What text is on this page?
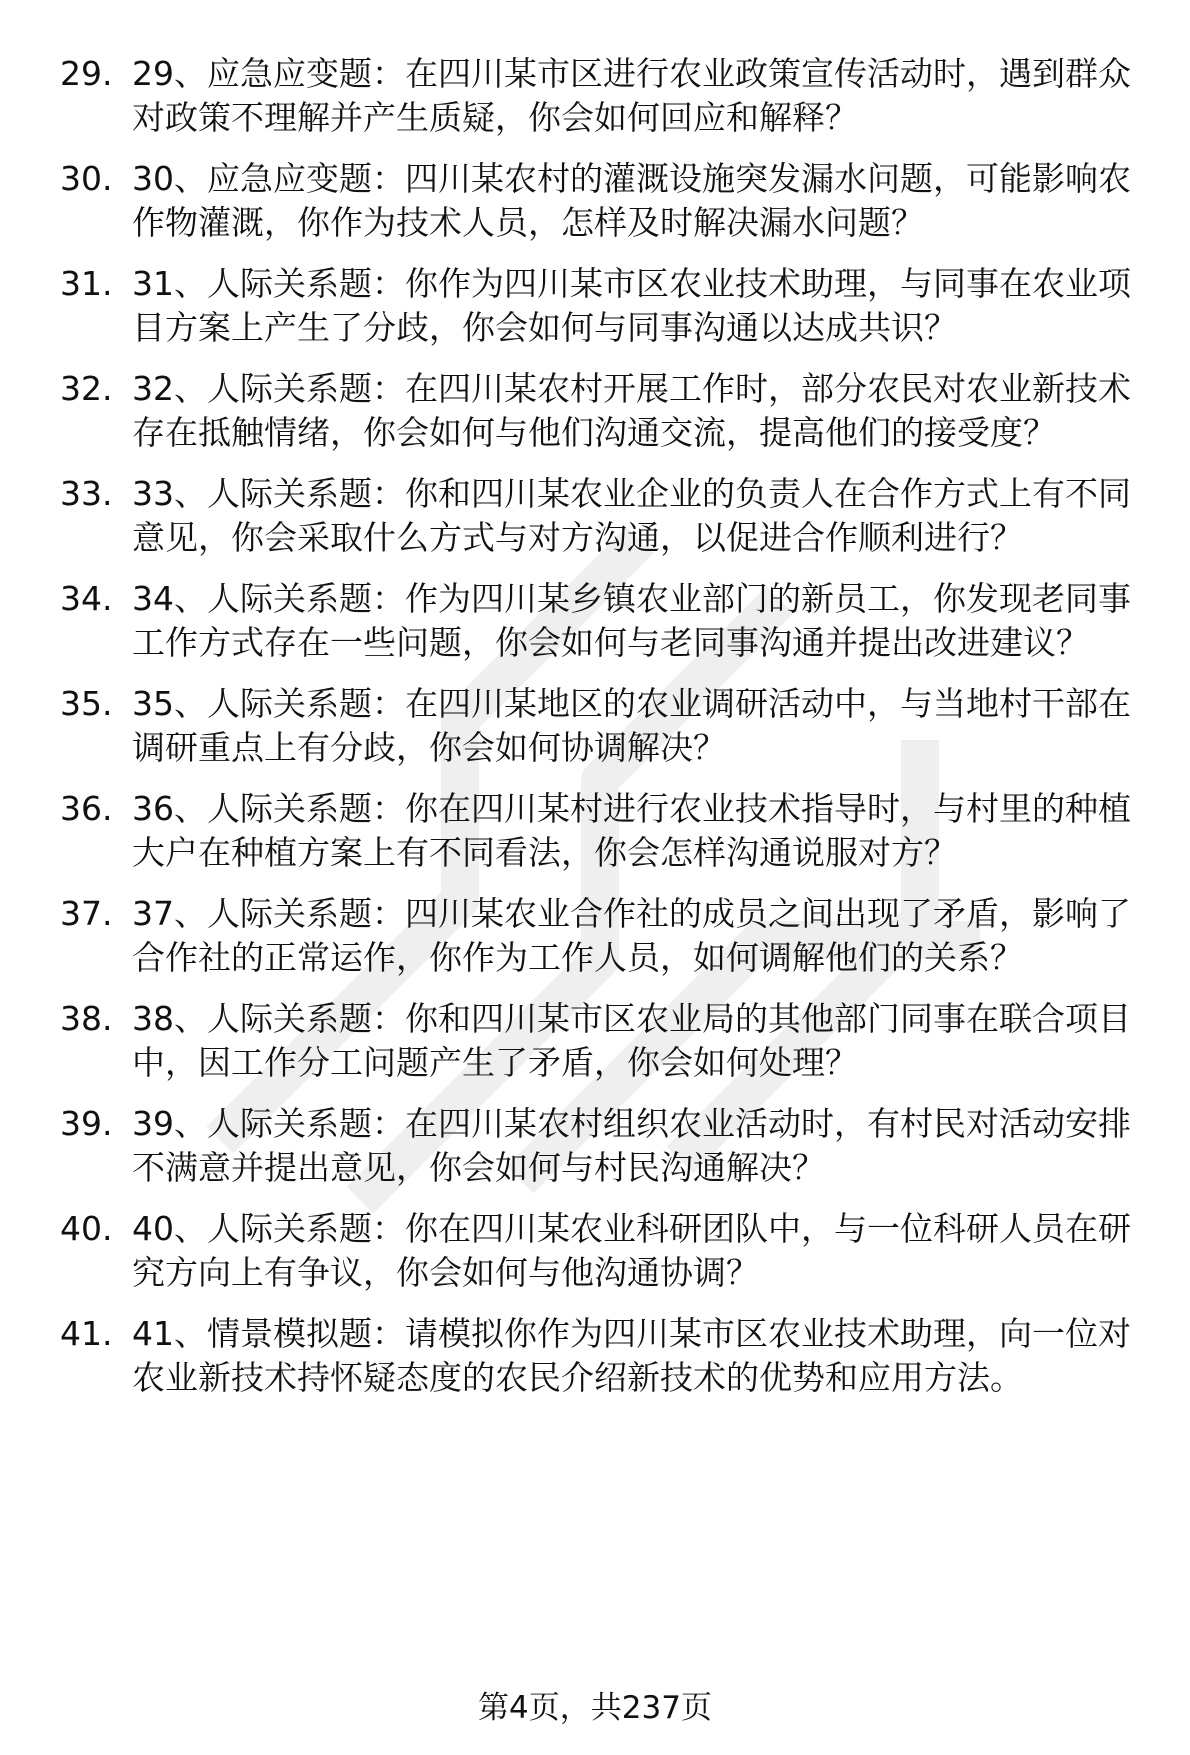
29. 29、应急应变题：在四川某市区进行农业政策宣传活动时，遇到群众对政策不理解并产生质疑，你会如何回应和解释？
30. 30、应急应变题：四川某农村的灌溉设施突发漏水问题，可能影响农作物灌溉，你作为技术人员，怎样及时解决漏水问题？
31. 31、人际关系题：你作为四川某市区农业技术助理，与同事在农业项目方案上产生了分歧，你会如何与同事沟通以达成共识？
32. 32、人际关系题：在四川某农村开展工作时，部分农民对农业新技术存在抵触情绪，你会如何与他们沟通交流，提高他们的接受度？
33. 33、人际关系题：你和四川某农业企业的负责人在合作方式上有不同意见，你会采取什么方式与对方沟通，以促进合作顺利进行？
34. 34、人际关系题：作为四川某乡镇农业部门的新员工，你发现老同事工作方式存在一些问题，你会如何与老同事沟通并提出改进建议？
35. 35、人际关系题：在四川某地区的农业调研活动中，与当地村干部在调研重点上有分歧，你会如何协调解决？
36. 36、人际关系题：你在四川某村进行农业技术指导时，与村里的种植大户在种植方案上有不同看法，你会怎样沟通说服对方？
37. 37、人际关系题：四川某农业合作社的成员之间出现了矛盾，影响了合作社的正常运作，你作为工作人员，如何调解他们的关系？
38. 38、人际关系题：你和四川某市区农业局的其他部门同事在联合项目中，因工作分工问题产生了矛盾，你会如何处理？
39. 39、人际关系题：在四川某农村组织农业活动时，有村民对活动安排不满意并提出意见，你会如何与村民沟通解决？
40. 40、人际关系题：你在四川某农业科研团队中，与一位科研人员在研究方向上有争议，你会如何与他沟通协调？
41. 41、情景模拟题：请模拟你作为四川某市区农业技术助理，向一位对农业新技术持怀疑态度的农民介绍新技术的优势和应用方法。
第4页，共237页
